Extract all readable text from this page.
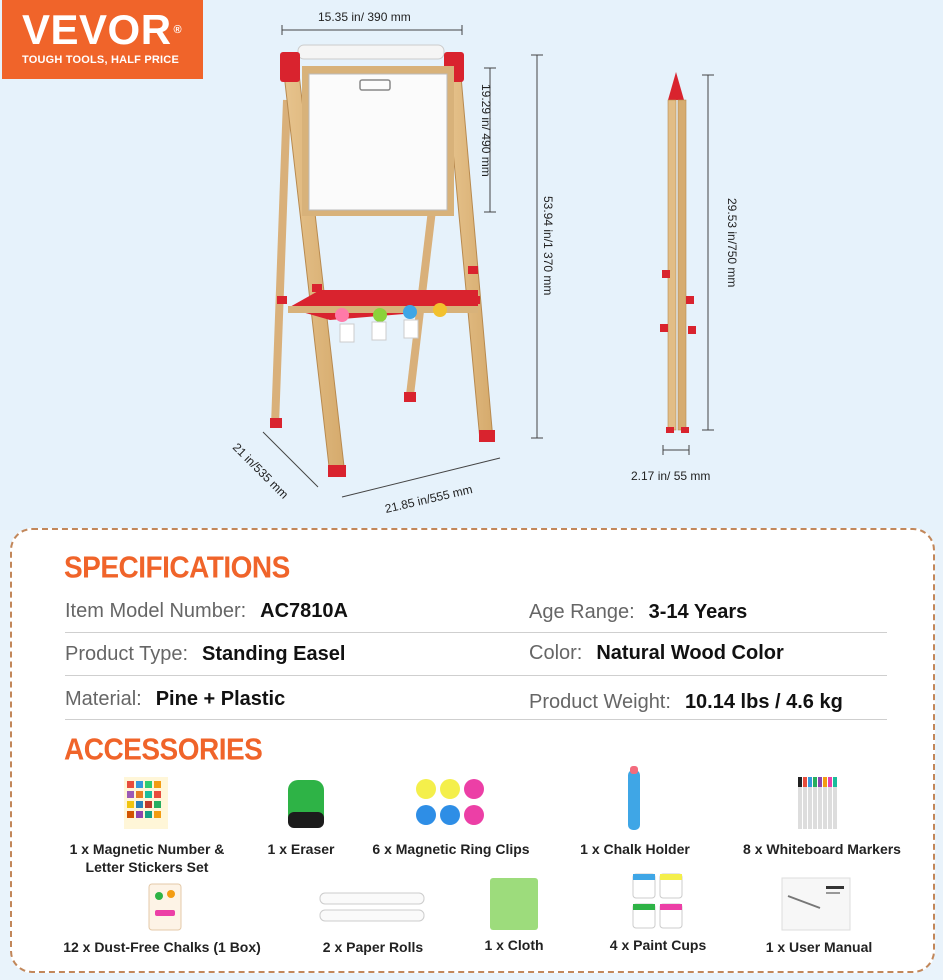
VEVOR ®
TOUGH TOOLS, HALF PRICE
15.35 in/ 390 mm
19.29 in/ 490 mm
53.94 in/1 370 mm
21 in/535 mm	21.85 in/555 mm
29.53 in/750 mm
2.17 in/ 55 mm
SPECIFICATIONS
Item Model Number: AC7810A	Age Range: 3-14 Years
Product Type: Standing Easel	Color: Natural Wood Color
Material: Pine + Plastic	Product Weight: 10.14 lbs / 4.6 kg
ACCESSORIES
1 x Magnetic Number &
Letter Stickers Set
1 x Eraser	6 x Magnetic Ring Clips	1 x Chalk Holder	8 x Whiteboard Markers
12 x Dust-Free Chalks (1 Box)	2 x Paper Rolls	1 x Cloth	4 x Paint Cups	1 x User Manual
